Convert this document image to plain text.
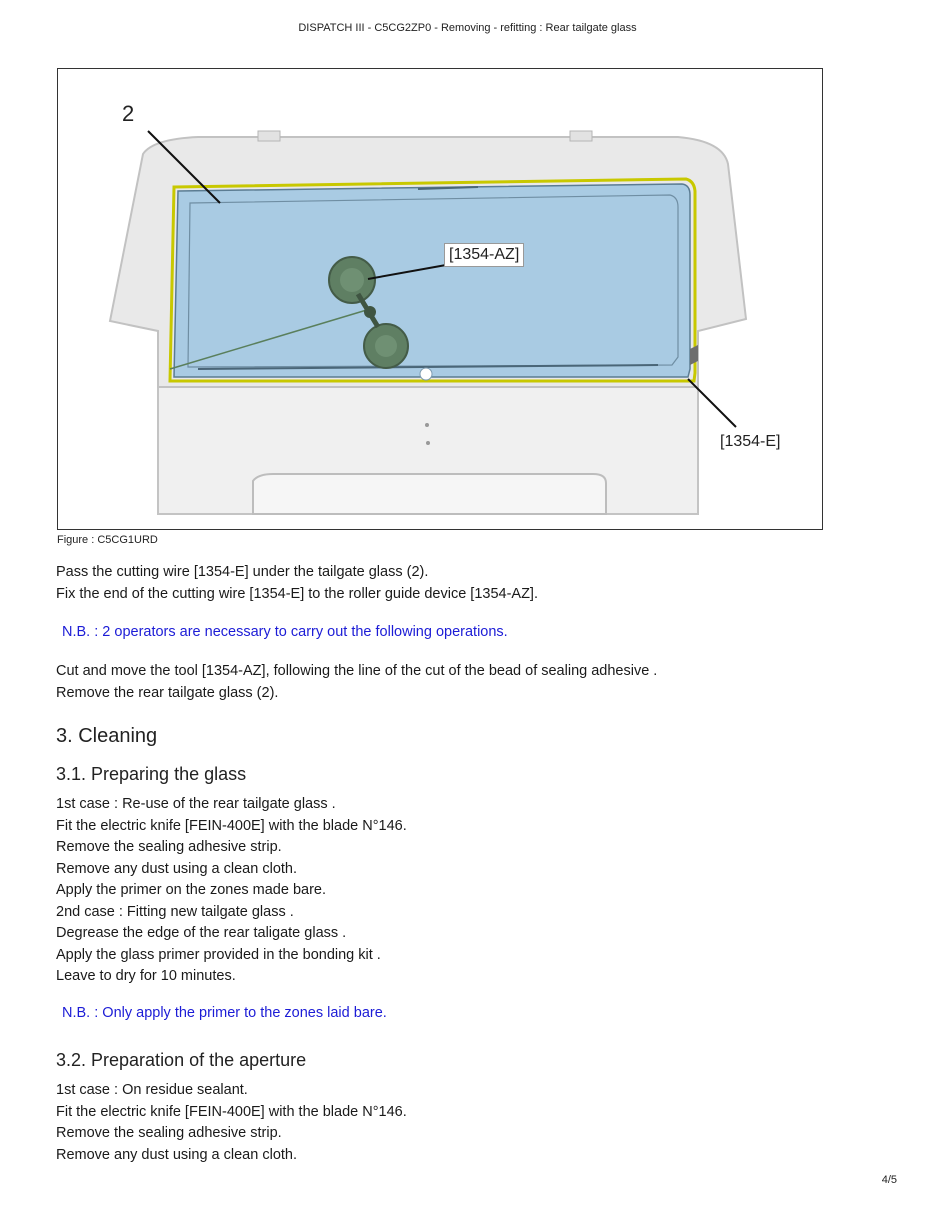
DISPATCH III - C5CG2ZP0 - Removing - refitting : Rear tailgate glass
2
[1354-AZ]
[1354-E]
Figure : C5CG1URD
Pass the cutting wire [1354-E] under the tailgate glass (2).
Fix the end of the cutting wire [1354-E] to the roller guide device [1354-AZ].
N.B. : 2 operators are necessary to carry out the following operations.
Cut and move the tool [1354-AZ], following the line of the cut of the bead of sealing adhesive .
Remove the rear tailgate glass (2).
3. Cleaning
3.1. Preparing the glass
1st case : Re-use of the rear tailgate glass .
Fit the electric knife [FEIN-400E] with the blade N°146.
Remove the sealing adhesive strip.
Remove any dust using a clean cloth.
Apply the primer on the zones made bare.
2nd case : Fitting new tailgate glass .
Degrease the edge of the rear taligate glass .
Apply the glass primer provided in the bonding kit .
Leave to dry for 10 minutes.
N.B. : Only apply the primer to the zones laid bare.
3.2. Preparation of the aperture
1st case : On residue sealant.
Fit the electric knife [FEIN-400E] with the blade N°146.
Remove the sealing adhesive strip.
Remove any dust using a clean cloth.
4/5
